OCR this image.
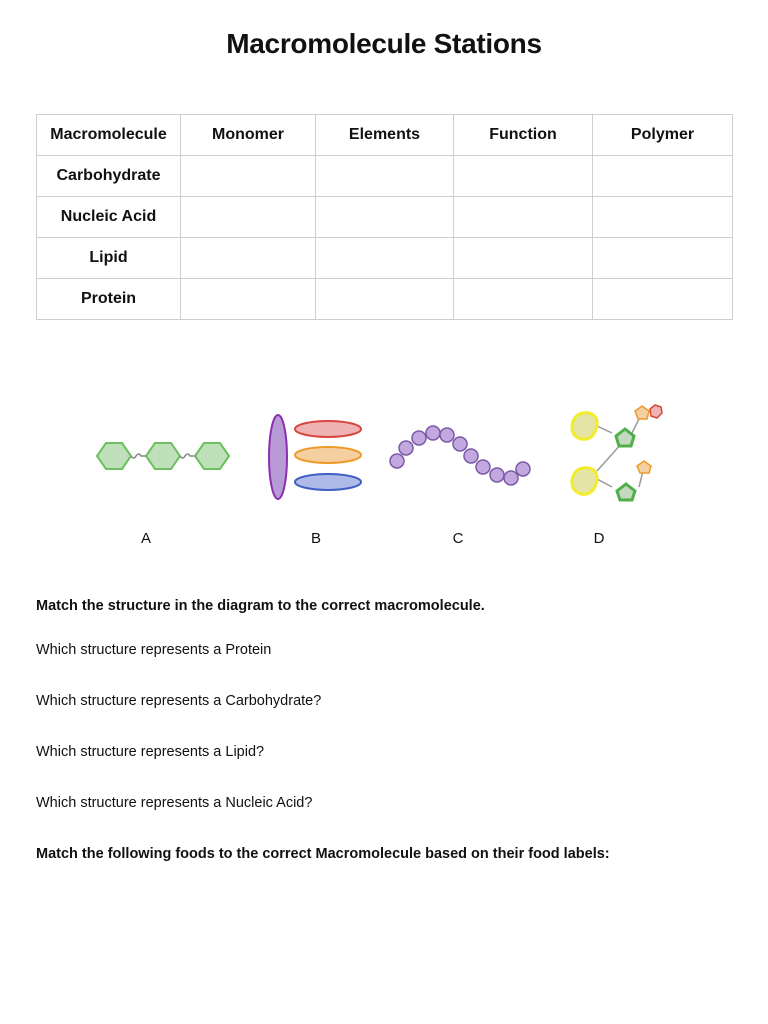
Macromolecule Stations
Macromolecule	Monomer	Elements	Function	Polymer
Carbohydrate				
Nucleic Acid				
Lipid				
Protein				
A	B	C	D
Match the structure in the diagram to the correct macromolecule.
Which structure represents a Protein
Which structure represents a Carbohydrate?
Which structure represents a Lipid?
Which structure represents a Nucleic Acid?
Match the following foods to the correct Macromolecule based on their food labels:
